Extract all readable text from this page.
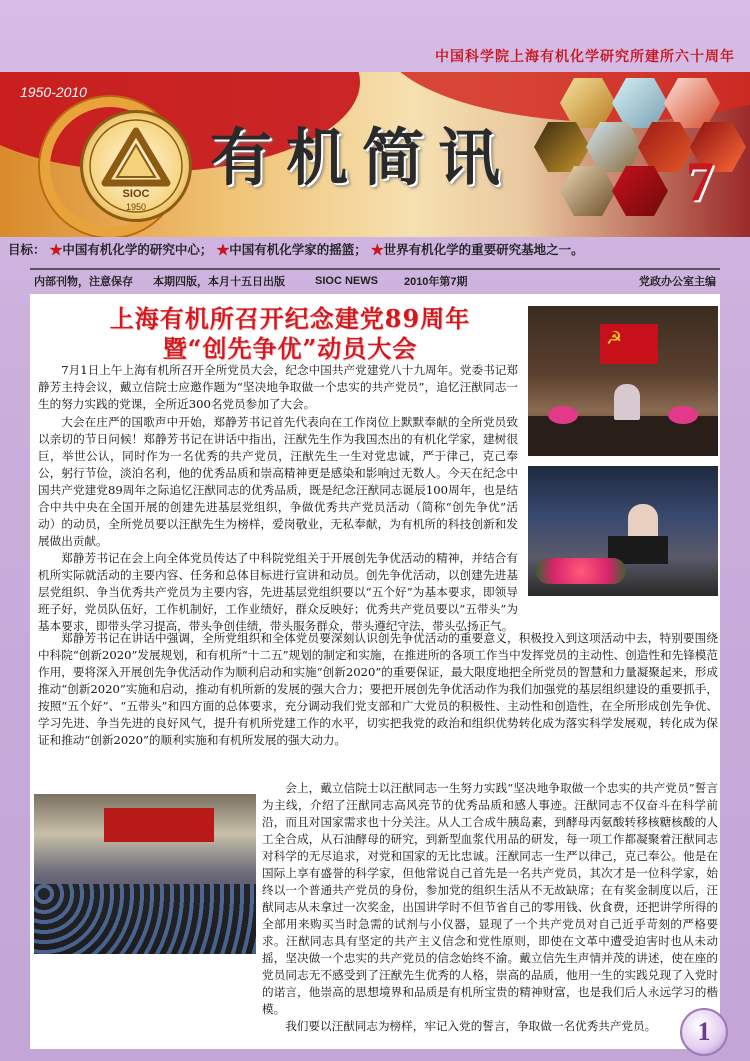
中国科学院上海有机化学研究所建所六十周年
1950-2010
SIOC
1950
有机简讯	7
目标： ★中国有机化学的研究中心； ★中国有机化学家的摇篮； ★世界有机化学的重要研究基地之一。
内部刊物，注意保存 本期四版，本月十五日出版	SIOC NEWS 2010年第7期	党政办公室主编
上海有机所召开纪念建党89周年
暨“创先争优”动员大会	☭

7月1日上午上海有机所召开全所党员大会，纪念中国共产党建党八十九周年。党委书记郑静芳主持会议，戴立信院士应邀作题为“坚决地争取做一个忠实的共产党员”，追忆汪猷同志一生的努力实践的党课，全所近300名党员参加了大会。

大会在庄严的国歌声中开始，郑静芳书记首先代表向在工作岗位上默默奉献的全所党员致以亲切的节日问候！郑静芳书记在讲话中指出，汪猷先生作为我国杰出的有机化学家，建树很巨，举世公认，同时作为一名优秀的共产党员，汪猷先生一生对党忠诚，严于律己，克己奉公，躬行节俭，淡泊名利，他的优秀品质和崇高精神更是感染和影响过无数人。今天在纪念中国共产党建党89周年之际追忆汪猷同志的优秀品质，既是纪念汪猷同志诞辰100周年，也是结合中共中央在全国开展的创建先进基层党组织，争做优秀共产党员活动（简称“创先争优”活动）的动员，全所党员要以汪猷先生为榜样，爱岗敬业，无私奉献，为有机所的科技创新和发展做出贡献。

郑静芳书记在会上向全体党员传达了中科院党组关于开展创先争优活动的精神，并结合有机所实际就活动的主要内容、任务和总体目标进行宣讲和动员。创先争优活动，以创建先进基层党组织、争当优秀共产党员为主要内容，先进基层党组织要以“五个好”为基本要求，即领导班子好，党员队伍好，工作机制好，工作业绩好，群众反映好；优秀共产党员要以“五带头”为基本要求，即带头学习提高，带头争创佳绩，带头服务群众，带头遵纪守法，带头弘扬正气。

郑静芳书记在讲话中强调，全所党组织和全体党员要深刻认识创先争优活动的重要意义，积极投入到这项活动中去，特别要围绕中科院“创新2020”发展规划，和有机所“十二五”规划的制定和实施，在推进所的各项工作当中发挥党员的主动性、创造性和先锋模范作用，要将深入开展创先争优活动作为顺利启动和实施“创新2020”的重要保证，最大限度地把全所党员的智慧和力量凝聚起来，形成推动“创新2020”实施和启动，推动有机所新的发展的强大合力；要把开展创先争优活动作为我们加强党的基层组织建设的重要抓手，按照“五个好”、“五带头”和四方面的总体要求，充分调动我们党支部和广大党员的积极性、主动性和创造性，在全所形成创先争优、学习先进、争当先进的良好风气，提升有机所党建工作的水平，切实把我党的政治和组织优势转化成为落实科学发展观，转化成为保证和推动“创新2020”的顺利实施和有机所发展的强大动力。

会上，戴立信院士以汪猷同志一生努力实践“坚决地争取做一个忠实的共产党员”誓言为主线，介绍了汪猷同志高风亮节的优秀品质和感人事迹。汪猷同志不仅奋斗在科学前沿，而且对国家需求也十分关注。从人工合成牛胰岛素，到酵母丙氨酸转移核糖核酸的人工全合成，从石油酵母的研究，到新型血浆代用品的研发，每一项工作都凝聚着汪猷同志对科学的无尽追求，对党和国家的无比忠诚。汪猷同志一生严以律己，克己奉公。他是在国际上享有盛誉的科学家，但他常说自己首先是一名共产党员，其次才是一位科学家，始终以一个普通共产党员的身份，参加党的组织生活从不无故缺席；在有奖金制度以后，汪猷同志从未拿过一次奖金，出国讲学时不但节省自己的零用钱、伙食费，还把讲学所得的全部用来购买当时急需的试剂与小仪器，显现了一个共产党员对自己近乎苛刻的严格要求。汪猷同志具有坚定的共产主义信念和党性原则，即使在文革中遭受迫害时也从未动摇，坚决做一个忠实的共产党员的信念始终不渝。戴立信先生声情并茂的讲述，使在座的党员同志无不感受到了汪猷先生优秀的人格，崇高的品质，他用一生的实践兑现了入党时的诺言，他崇高的思想境界和品质是有机所宝贵的精神财富，也是我们后人永远学习的楷模。

我们要以汪猷同志为榜样，牢记入党的誓言，争取做一名优秀共产党员。	1
